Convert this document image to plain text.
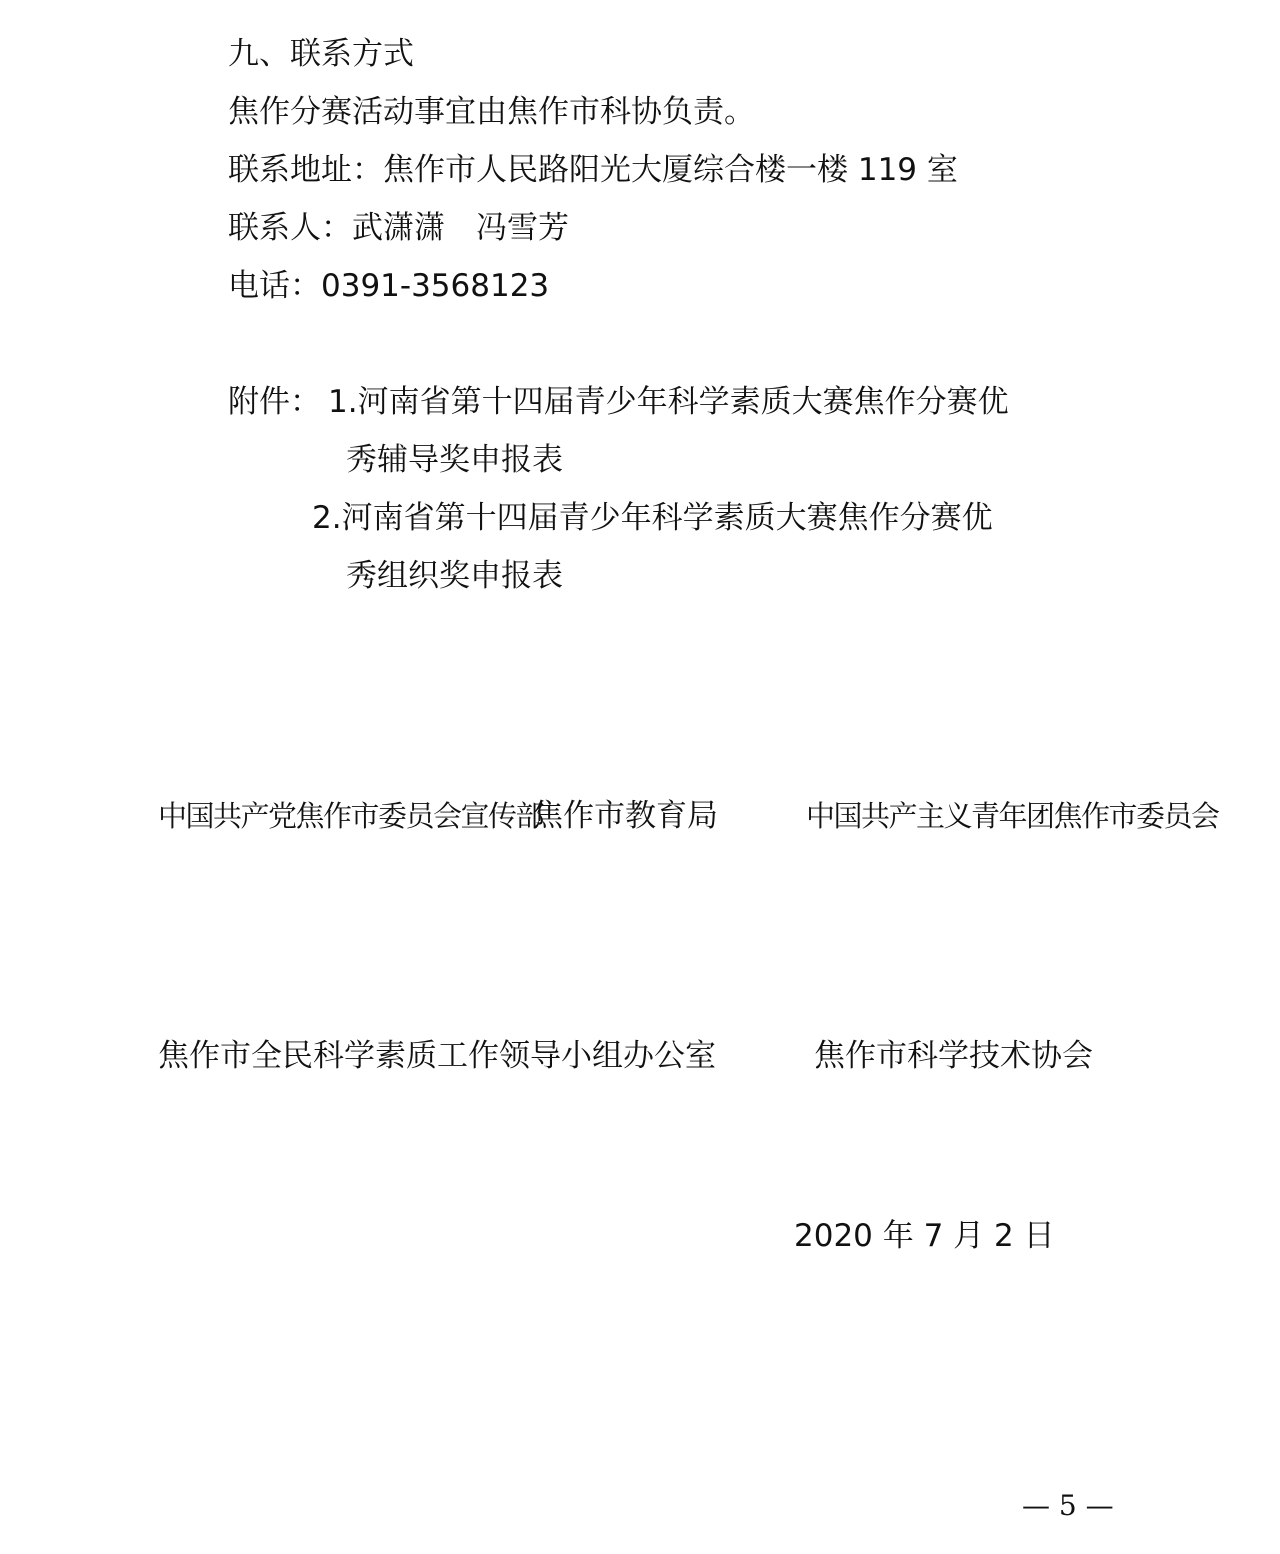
九、联系方式
焦作分赛活动事宜由焦作市科协负责。
联系地址：焦作市人民路阳光大厦综合楼一楼 119 室
联系人：武潇潇　冯雪芳
电话：0391-3568123
附件： 1.河南省第十四届青少年科学素质大赛焦作分赛优
秀辅导奖申报表
2.河南省第十四届青少年科学素质大赛焦作分赛优
秀组织奖申报表
中国共产党焦作市委员会宣传部
焦作市教育局	中国共产主义青年团焦作市委员会
焦作市全民科学素质工作领导小组办公室	焦作市科学技术协会
2020 年 7 月 2 日
— 5 —
